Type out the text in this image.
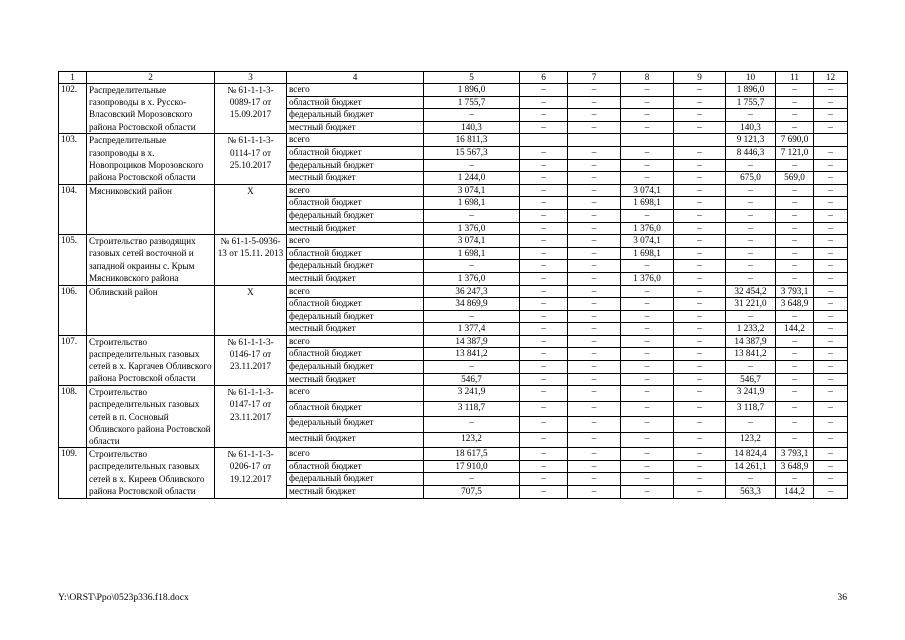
1	2	3	4	5	6	7	8	9	10	11	12
102.	Распределительные газопроводы в х. Русско-Власовский Морозовского района Ростовской области	№ 61-1-1-3-0089-17 от 15.09.2017	всего	1 896,0	–	–	–	–	1 896,0	–	–
			областной бюджет	1 755,7	–	–	–	–	1 755,7	–	–
			федеральный бюджет	–	–	–	–	–	–	–	–
			местный бюджет	140,3	–	–	–	–	140,3	–	–
103.	Распределительные газопроводы в х. Новопроциков Морозовского района Ростовской области	№ 61-1-1-3-0114-17 от 25.10.2017	всего	16 811,3					9 121,3	7 690,0	
			областной бюджет	15 567,3	–	–	–	–	8 446,3	7 121,0	–
			федеральный бюджет	–	–	–	–	–	–	–	–
			местный бюджет	1 244,0	–	–	–	–	675,0	569,0	–
104.	Мясниковский район	Х	всего	3 074,1	–	–	3 074,1	–	–	–	–
			областной бюджет	1 698,1	–	–	1 698,1	–	–	–	–
			федеральный бюджет	–	–	–	–	–	–	–	–
			местный бюджет	1 376,0	–	–	1 376,0	–	–	–	–
105.	Строительство разводящих газовых сетей восточной и западной окраины с. Крым Мясниковского района	№ 61-1-5-0936-13 от 15.11. 2013	всего	3 074,1	–	–	3 074,1	–	–	–	–
			областной бюджет	1 698,1	–	–	1 698,1	–	–	–	–
			федеральный бюджет	–	–	–	–	–	–	–	–
			местный бюджет	1 376,0	–	–	1 376,0	–	–	–	–
106.	Обливский район	Х	всего	36 247,3	–	–	–	–	32 454,2	3 793,1	–
			областной бюджет	34 869,9	–	–	–	–	31 221,0	3 648,9	–
			федеральный бюджет	–	–	–	–	–	–	–	–
			местный бюджет	1 377,4	–	–	–	–	1 233,2	144,2	–
107.	Строительство распределительных газовых сетей в х. Каргачев Обливского района Ростовской области	№ 61-1-1-3-0146-17 от 23.11.2017	всего	14 387,9	–	–	–	–	14 387,9	–	–
			областной бюджет	13 841,2	–	–	–	–	13 841,2	–	–
			федеральный бюджет	–	–	–	–	–	–	–	–
			местный бюджет	546,7	–	–	–	–	546,7	–	–
108.	Строительство распределительных газовых сетей в п. Сосновый Обливского района Ростовской области	№ 61-1-1-3-0147-17 от 23.11.2017	всего	3 241,9	–	–	–	–	3 241,9	–	–
			областной бюджет	3 118,7	–	–	–	–	3 118,7	–	–
			федеральный бюджет	–	–	–	–	–	–	–	–
			местный бюджет	123,2	–	–	–	–	123,2	–	–
109.	Строительство распределительных газовых сетей в х. Киреев Обливского района Ростовской области	№ 61-1-1-3-0206-17 от 19.12.2017	всего	18 617,5	–	–	–	–	14 824,4	3 793,1	–
			областной бюджет	17 910,0	–	–	–	–	14 261,1	3 648,9	–
			федеральный бюджет	–	–	–	–	–	–	–	–
			местный бюджет	707,5	–	–	–	–	563,3	144,2	–
Y:\ORST\Ppo\0523p336.f18.docx	36
